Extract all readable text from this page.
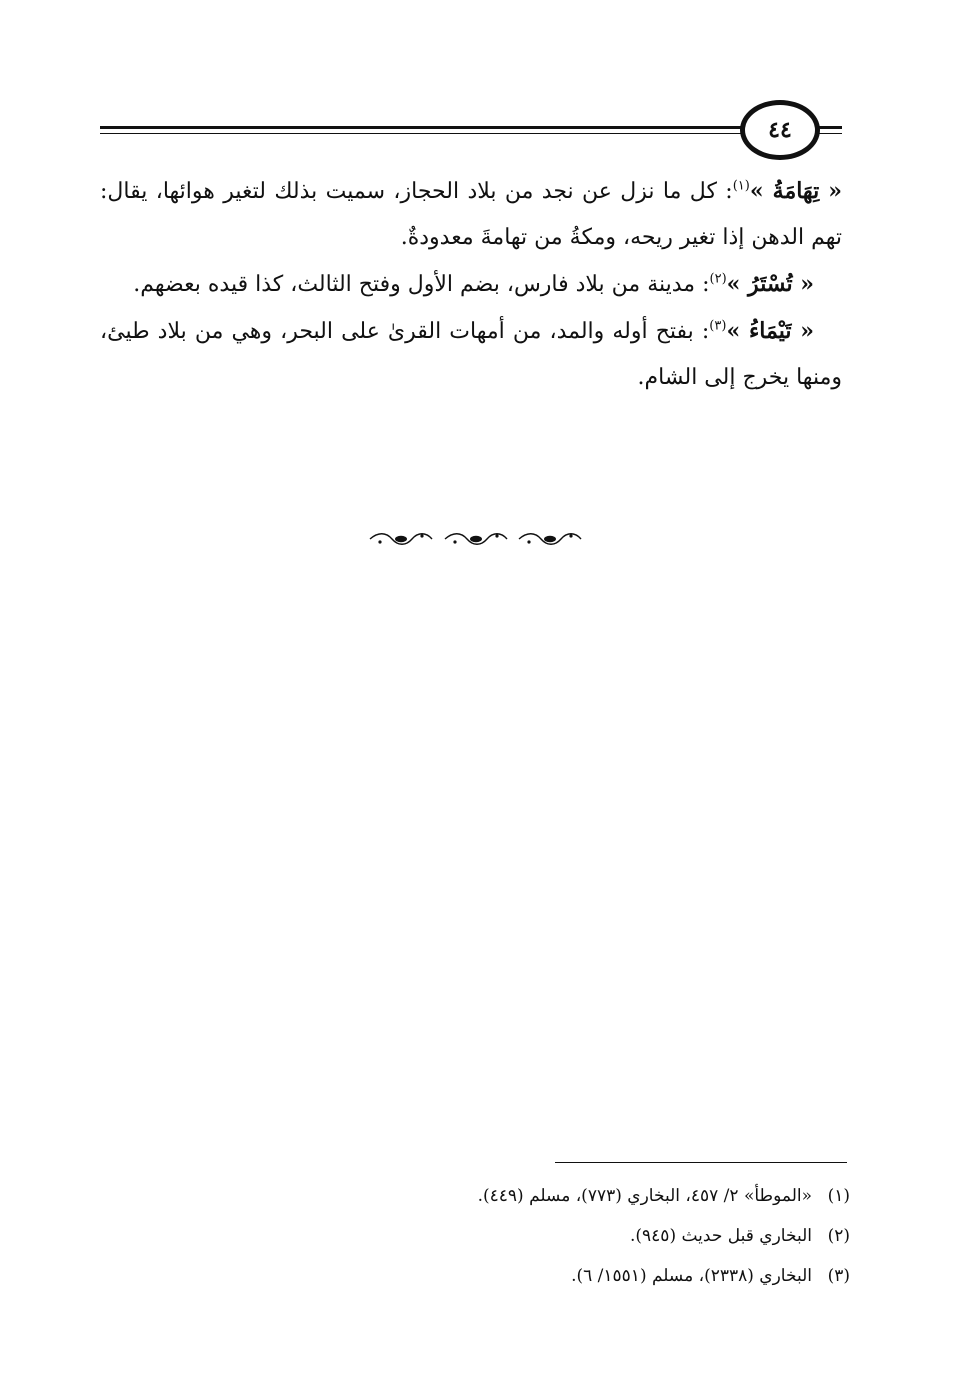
٤٤

« تِهَامَةُ »$^{(١)}$: كل ما نزل عن نجد من بلاد الحجاز، سميت بذلك لتغير هوائها، يقال: تهم الدهن إذا تغير ريحه، ومكةُ من تهامةَ معدودةٌ.

« تُسْتَرُ »$^{(٢)}$: مدينة من بلاد فارس، بضم الأول وفتح الثالث، كذا قيده بعضهم.

« تَيْمَاءُ »$^{(٣)}$: بفتح أوله والمد، من أمهات القرىٰ على البحر، وهي من بلاد طيئ، ومنها يخرج إلى الشام.

(١)
«الموطأ» ٢/ ٤٥٧، البخاري (٧٧٣)، مسلم (٤٤٩).
(٢)
البخاري قبل حديث (٩٤٥).
(٣)
البخاري (٢٣٣٨)، مسلم (١٥٥١/ ٦).
